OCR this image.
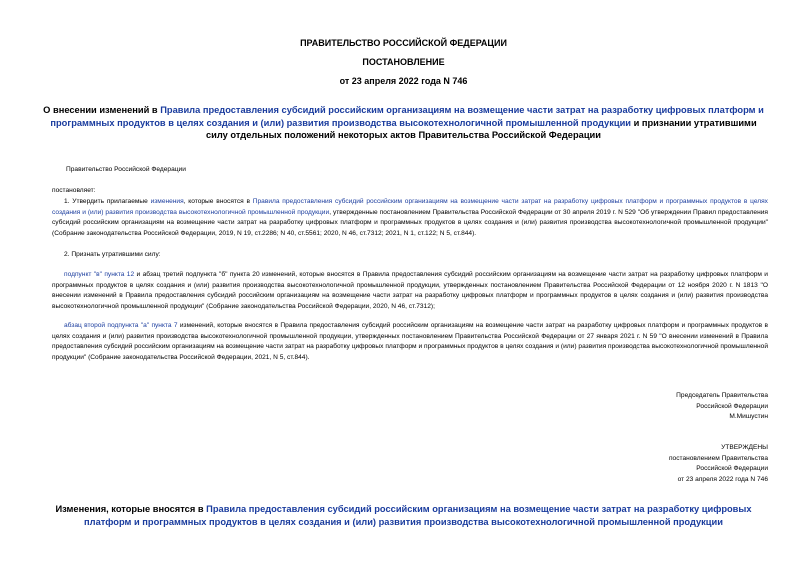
ПРАВИТЕЛЬСТВО РОССИЙСКОЙ ФЕДЕРАЦИИ
ПОСТАНОВЛЕНИЕ
от 23 апреля 2022 года N 746
О внесении изменений в Правила предоставления субсидий российским организациям на возмещение части затрат на разработку цифровых платформ и программных продуктов в целях создания и (или) развития производства высокотехнологичной промышленной продукции и признании утратившими силу отдельных положений некоторых актов Правительства Российской Федерации
Правительство Российской Федерации
постановляет:

1. Утвердить прилагаемые изменения, которые вносятся в Правила предоставления субсидий российским организациям на возмещение части затрат на разработку цифровых платформ и программных продуктов в целях создания и (или) развития производства высокотехнологичной промышленной продукции, утвержденные постановлением Правительства Российской Федерации от 30 апреля 2019 г. N 529 "Об утверждении Правил предоставления субсидий российским организациям на возмещение части затрат на разработку цифровых платформ и программных продуктов в целях создания и (или) развития производства высокотехнологичной промышленной продукции" (Собрание законодательства Российской Федерации, 2019, N 19, ст.2286; N 40, ст.5561; 2020, N 46, ст.7312; 2021, N 1, ст.122; N 5, ст.844).

2. Признать утратившими силу:

подпункт "в" пункта 12 и абзац третий подпункта "б" пункта 20 изменений, которые вносятся в Правила предоставления субсидий российским организациям на возмещение части затрат на разработку цифровых платформ и программных продуктов в целях создания и (или) развития производства высокотехнологичной промышленной продукции, утвержденных постановлением Правительства Российской Федерации от 12 ноября 2020 г. N 1813 "О внесении изменений в Правила предоставления субсидий российским организациям на возмещение части затрат на разработку цифровых платформ и программных продуктов в целях создания и (или) развития производства высокотехнологичной промышленной продукции" (Собрание законодательства Российской Федерации, 2020, N 46, ст.7312);

абзац второй подпункта "а" пункта 7 изменений, которые вносятся в Правила предоставления субсидий российским организациям на возмещение части затрат на разработку цифровых платформ и программных продуктов в целях создания и (или) развития производства высокотехнологичной промышленной продукции, утвержденных постановлением Правительства Российской Федерации от 27 января 2021 г. N 59 "О внесении изменений в Правила предоставления субсидий российским организациям на возмещение части затрат на разработку цифровых платформ и программных продуктов в целях создания и (или) развития производства высокотехнологичной промышленной продукции" (Собрание законодательства Российской Федерации, 2021, N 5, ст.844).

Председатель Правительства
Российской Федерации
М.Мишустин
УТВЕРЖДЕНЫ
постановлением Правительства
Российской Федерации
от 23 апреля 2022 года N 746
Изменения, которые вносятся в Правила предоставления субсидий российским организациям на возмещение части затрат на разработку цифровых платформ и программных продуктов в целях создания и (или) развития производства высокотехнологичной промышленной продукции
